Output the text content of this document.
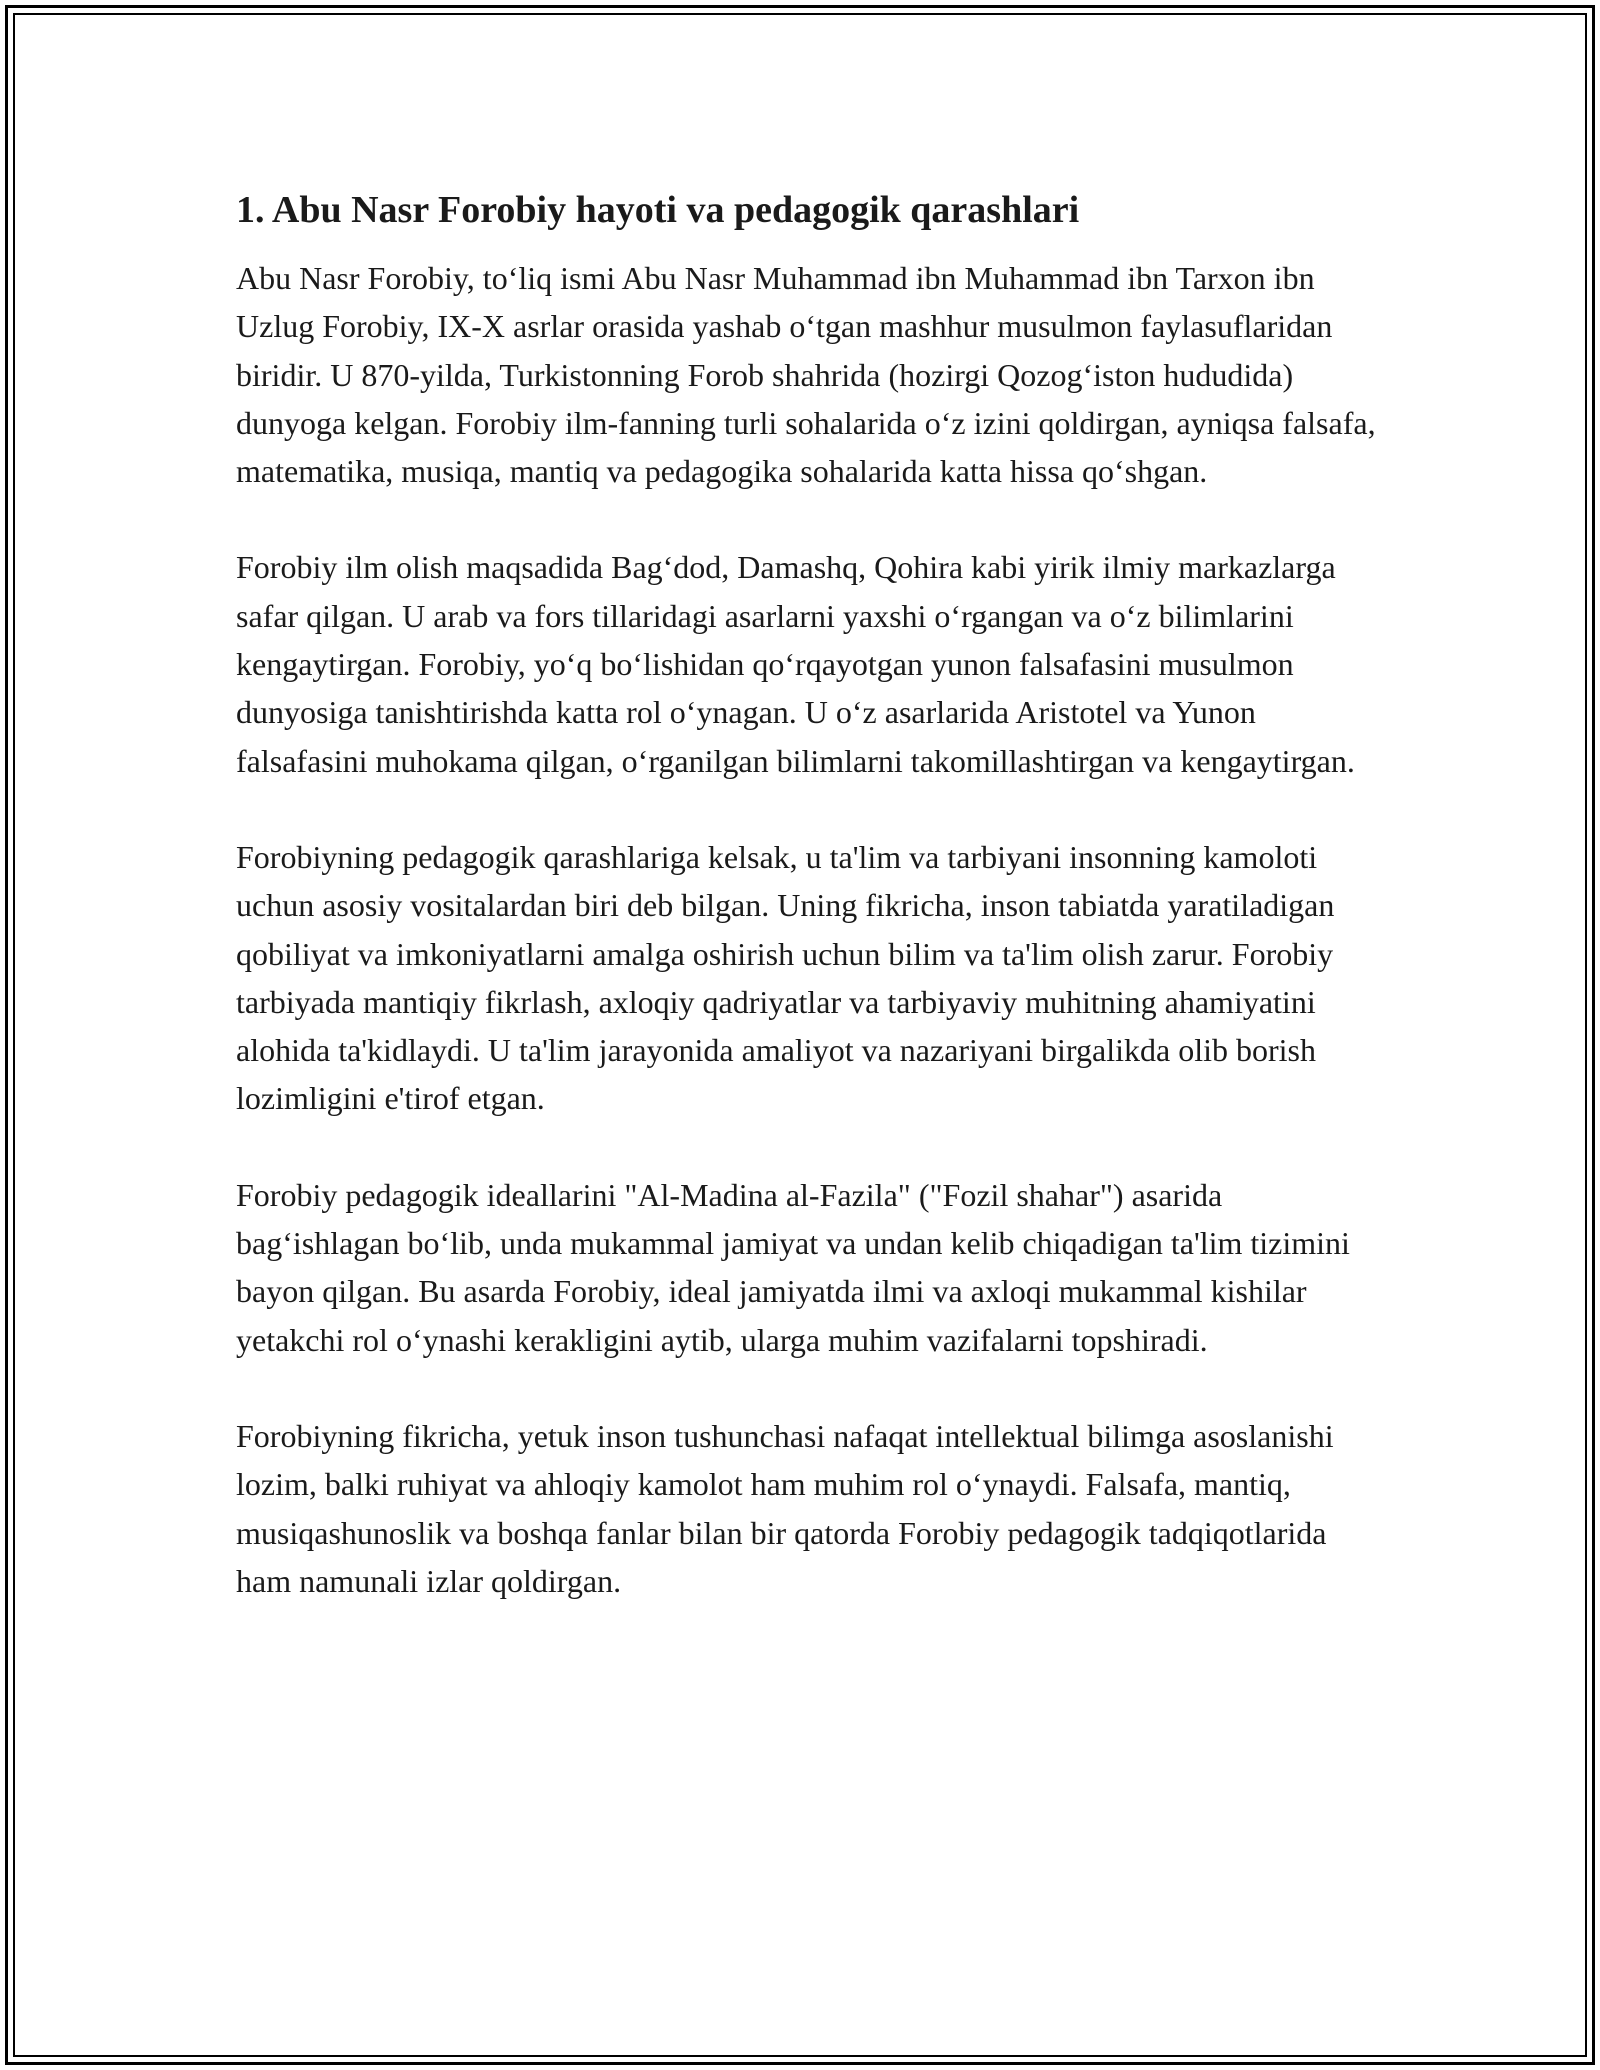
1. Abu Nasr Forobiy hayoti va pedagogik qarashlari

Abu Nasr Forobiy, to‘liq ismi Abu Nasr Muhammad ibn Muhammad ibn Tarxon ibn Uzlug Forobiy, IX-X asrlar orasida yashab o‘tgan mashhur musulmon faylasuflaridan biridir. U 870-yilda, Turkistonning Forob shahrida (hozirgi Qozog‘iston hududida) dunyoga kelgan. Forobiy ilm-fanning turli sohalarida o‘z izini qoldirgan, ayniqsa falsafa, matematika, musiqa, mantiq va pedagogika sohalarida katta hissa qo‘shgan.

Forobiy ilm olish maqsadida Bag‘dod, Damashq, Qohira kabi yirik ilmiy markazlarga safar qilgan. U arab va fors tillaridagi asarlarni yaxshi o‘rgangan va o‘z bilimlarini kengaytirgan. Forobiy, yo‘q bo‘lishidan qo‘rqayotgan yunon falsafasini musulmon dunyosiga tanishtirishda katta rol o‘ynagan. U o‘z asarlarida Aristotel va Yunon falsafasini muhokama qilgan, o‘rganilgan bilimlarni takomillashtirgan va kengaytirgan.

Forobiyning pedagogik qarashlariga kelsak, u ta'lim va tarbiyani insonning kamoloti uchun asosiy vositalardan biri deb bilgan. Uning fikricha, inson tabiatda yaratiladigan qobiliyat va imkoniyatlarni amalga oshirish uchun bilim va ta'lim olish zarur. Forobiy tarbiyada mantiqiy fikrlash, axloqiy qadriyatlar va tarbiyaviy muhitning ahamiyatini alohida ta'kidlaydi. U ta'lim jarayonida amaliyot va nazariyani birgalikda olib borish lozimligini e'tirof etgan.

Forobiy pedagogik ideallarini "Al-Madina al-Fazila" ("Fozil shahar") asarida bag‘ishlagan bo‘lib, unda mukammal jamiyat va undan kelib chiqadigan ta'lim tizimini bayon qilgan. Bu asarda Forobiy, ideal jamiyatda ilmi va axloqi mukammal kishilar yetakchi rol o‘ynashi kerakligini aytib, ularga muhim vazifalarni topshiradi.

Forobiyning fikricha, yetuk inson tushunchasi nafaqat intellektual bilimga asoslanishi lozim, balki ruhiyat va ahloqiy kamolot ham muhim rol o‘ynaydi. Falsafa, mantiq, musiqashunoslik va boshqa fanlar bilan bir qatorda Forobiy pedagogik tadqiqotlarida ham namunali izlar qoldirgan.
